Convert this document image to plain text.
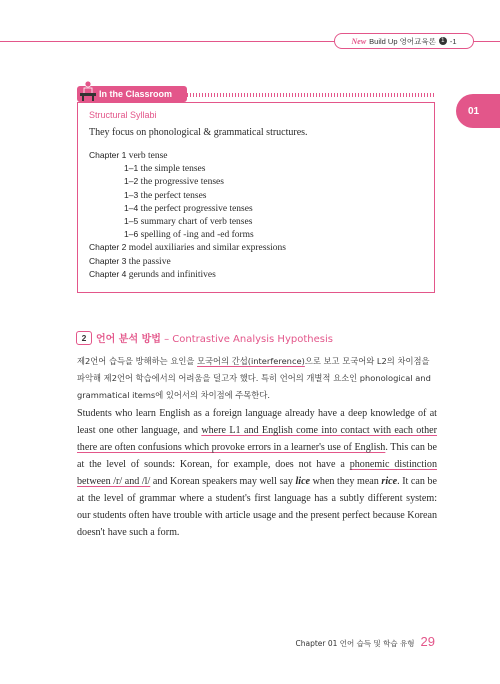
New Build Up 영어교육론 1 -1
01
In the Classroom
Structural Syllabi
They focus on phonological & grammatical structures.
Chapter 1 verb tense
1–1 the simple tenses
1–2 the progressive tenses
1–3 the perfect tenses
1–4 the perfect progressive tenses
1–5 summary chart of verb tenses
1–6 spelling of -ing and -ed forms
Chapter 2 model auxiliaries and similar expressions
Chapter 3 the passive
Chapter 4 gerunds and infinitives
2 언어 분석 방법 – Contrastive Analysis Hypothesis
제2언어 습득을 방해하는 요인을 모국어의 간섭(interference)으로 보고 모국어와 L2의 차이점을 파악해 제2언어 학습에서의 어려움을 덜고자 했다. 특히 언어의 개별적 요소인 phonological and grammatical items에 있어서의 차이점에 주목한다.
Students who learn English as a foreign language already have a deep knowledge of at least one other language, and where L1 and English come into contact with each other there are often confusions which provoke errors in a learner's use of English. This can be at the level of sounds: Korean, for example, does not have a phonemic distinction between /r/ and /l/ and Korean speakers may well say lice when they mean rice. It can be at the level of grammar where a student's first language has a subtly different system: our students often have trouble with article usage and the present perfect because Korean doesn't have such a form.
Chapter 01 언어 습득 및 학습 유형 29
